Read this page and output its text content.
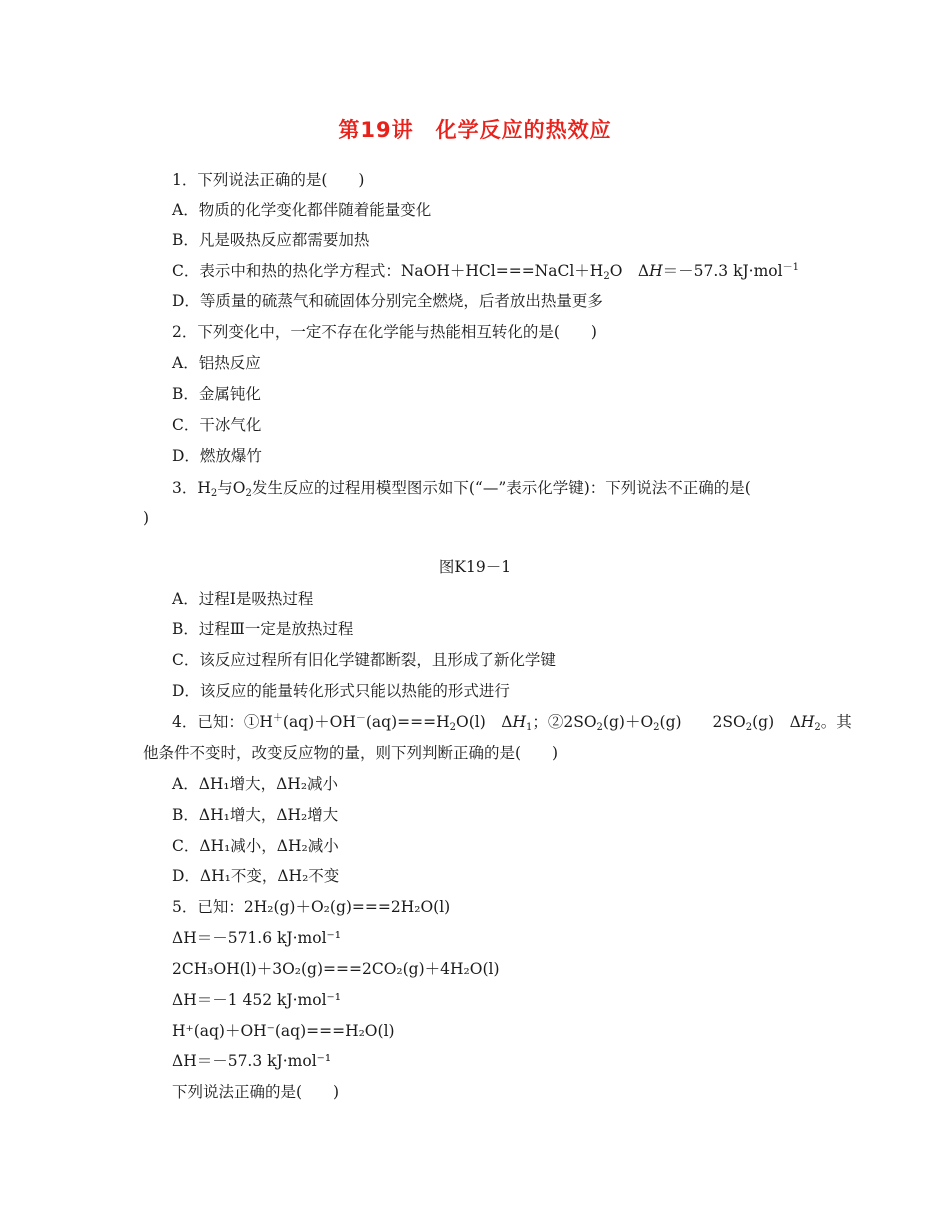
第19讲　化学反应的热效应
1．下列说法正确的是(　　)
A．物质的化学变化都伴随着能量变化
B．凡是吸热反应都需要加热
C．表示中和热的热化学方程式：$NaOH+HCl===NaCl+H_2O$　ΔH＝－57.3 kJ·mol$^{-1}$
D．等质量的硫蒸气和硫固体分别完全燃烧，后者放出热量更多
2．下列变化中，一定不存在化学能与热能相互转化的是(　　)
A．铝热反应
B．金属钝化
C．干冰气化
D．燃放爆竹
3．$H_2$与$O_2$发生反应的过程用模型图示如下(“—”表示化学键)：下列说法不正确的是(
)
图K19－1
A．过程Ⅰ是吸热过程
B．过程Ⅲ一定是放热过程
C．该反应过程所有旧化学键都断裂，且形成了新化学键
D．该反应的能量转化形式只能以热能的形式进行
4．已知：$①H^+(aq)+OH^-(aq)===H_2O(l)$　$\Delta H_1$；$②2SO_2(g)+O_2(g)$　　$2SO_2(g)$　$\Delta H_2$。其
他条件不变时，改变反应物的量，则下列判断正确的是(　　)
A．ΔH₁增大，ΔH₂减小
B．ΔH₁增大，ΔH₂增大
C．ΔH₁减小，ΔH₂减小
D．ΔH₁不变，ΔH₂不变
5．已知：2H₂(g)＋O₂(g)===2H₂O(l)
ΔH＝－571.6 kJ·mol⁻¹
2CH₃OH(l)＋3O₂(g)===2CO₂(g)＋4H₂O(l)
ΔH＝－1 452 kJ·mol⁻¹
H⁺(aq)＋OH⁻(aq)===H₂O(l)
ΔH＝－57.3 kJ·mol⁻¹
下列说法正确的是(　　)
